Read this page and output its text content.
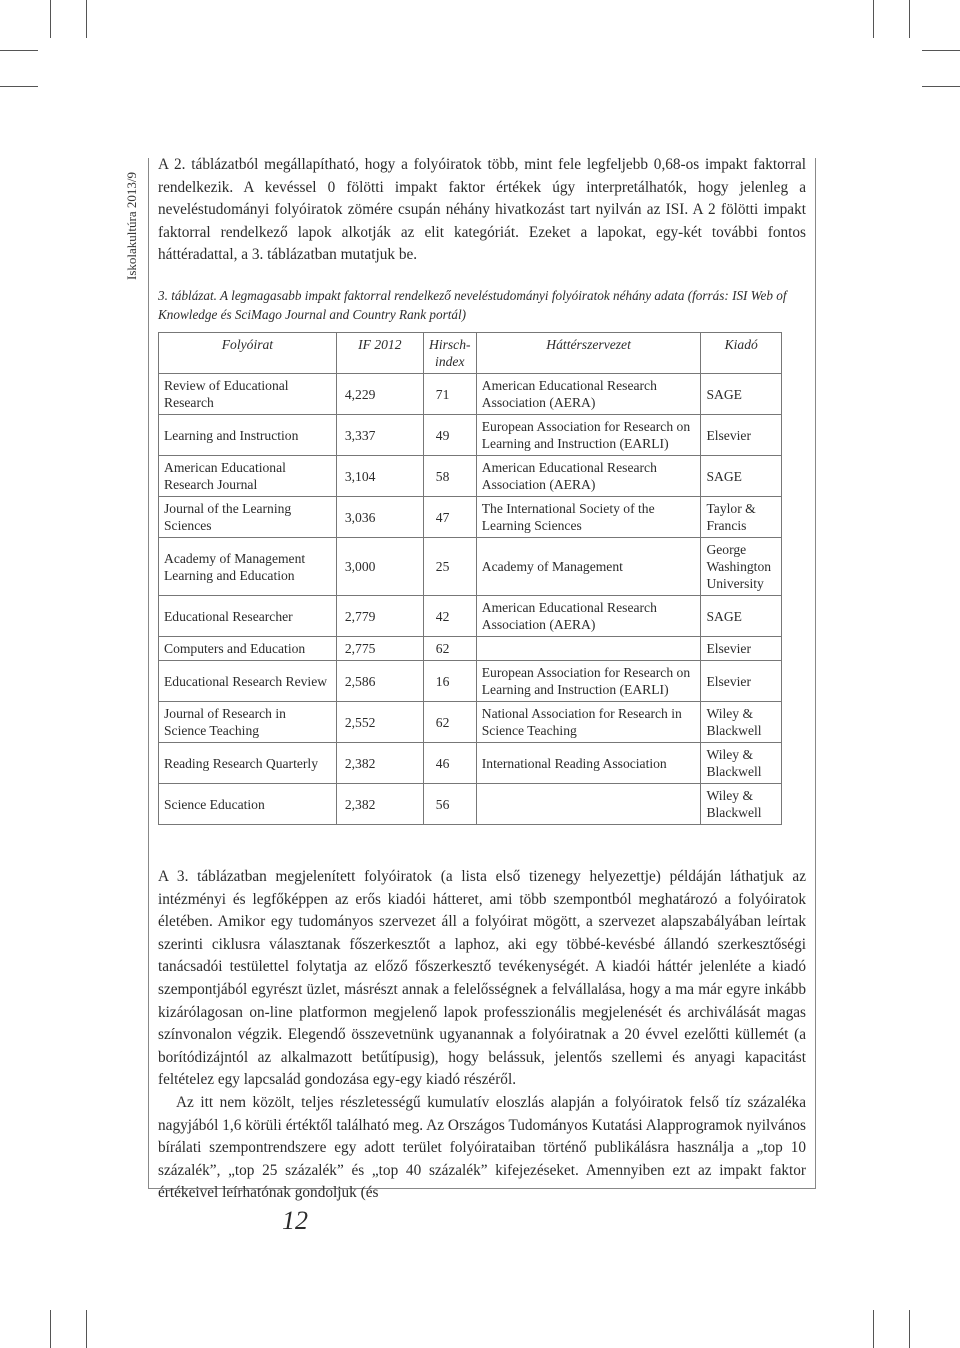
Iskolakultúra 2013/9
A 2. táblázatból megállapítható, hogy a folyóiratok több, mint fele legfeljebb 0,68-os impakt faktorral rendelkezik. A kevéssel 0 fölötti impakt faktor értékek úgy interpretálhatók, hogy jelenleg a neveléstudományi folyóiratok zömére csupán néhány hivatkozást tart nyilván az ISI. A 2 fölötti impakt faktorral rendelkező lapok alkotják az elit kategóriát. Ezeket a lapokat, egy-két további fontos háttéradattal, a 3. táblázatban mutatjuk be.
3. táblázat. A legmagasabb impakt faktorral rendelkező neveléstudományi folyóiratok néhány adata (forrás: ISI Web of Knowledge és SciMago Journal and Country Rank portál)
Folyóirat	IF 2012	Hirsch-index	Háttérszervezet	Kiadó
Review of Educational Research	4,229	71	American Educational Research Association (AERA)	SAGE
Learning and Instruction	3,337	49	European Association for Research on Learning and Instruction (EARLI)	Elsevier
American Educational Research Journal	3,104	58	American Educational Research Association (AERA)	SAGE
Journal of the Learning Sciences	3,036	47	The International Society of the Learning Sciences	Taylor & Francis
Academy of Management Learning and Education	3,000	25	Academy of Management	George Washington University
Educational Researcher	2,779	42	American Educational Research Association (AERA)	SAGE
Computers and Education	2,775	62		Elsevier
Educational Research Review	2,586	16	European Association for Research on Learning and Instruction (EARLI)	Elsevier
Journal of Research in Science Teaching	2,552	62	National Association for Research in Science Teaching	Wiley & Blackwell
Reading Research Quarterly	2,382	46	International Reading Association	Wiley & Blackwell
Science Education	2,382	56		Wiley & Blackwell

A 3. táblázatban megjelenített folyóiratok (a lista első tizenegy helyezettje) példáján láthatjuk az intézményi és legfőképpen az erős kiadói hátteret, ami több szempontból meghatározó a folyóiratok életében. Amikor egy tudományos szervezet áll a folyóirat mögött, a szervezet alapszabályában leírtak szerinti ciklusra választanak főszerkesztőt a laphoz, aki egy többé-kevésbé állandó szerkesztőségi tanácsadói testülettel folytatja az előző főszerkesztő tevékenységét. A kiadói háttér jelenléte a kiadó szempontjából egyrészt üzlet, másrészt annak a felelősségnek a felvállalása, hogy a ma már egyre inkább kizárólagosan on-line platformon megjelenő lapok professzionális megjelenését és archiválását magas színvonalon végzik. Elegendő összevetnünk ugyanannak a folyóiratnak a 20 évvel ezelőtti küllemét (a borítódizájntól az alkalmazott betűtípusig), hogy belássuk, jelentős szellemi és anyagi kapacitást feltételez egy lapcsalád gondozása egy-egy kiadó részéről.

Az itt nem közölt, teljes részletességű kumulatív eloszlás alapján a folyóiratok felső tíz százaléka nagyjából 1,6 körüli értéktől található meg. Az Országos Tudományos Kutatási Alapprogramok nyilvános bírálati szempontrendszere egy adott terület folyóirataiban történő publikálásra használja a „top 10 százalék”, „top 25 százalék” és „top 40 százalék” kifejezéseket. Amennyiben ezt az impakt faktor értékeivel leírhatónak gondoljuk (és

12
